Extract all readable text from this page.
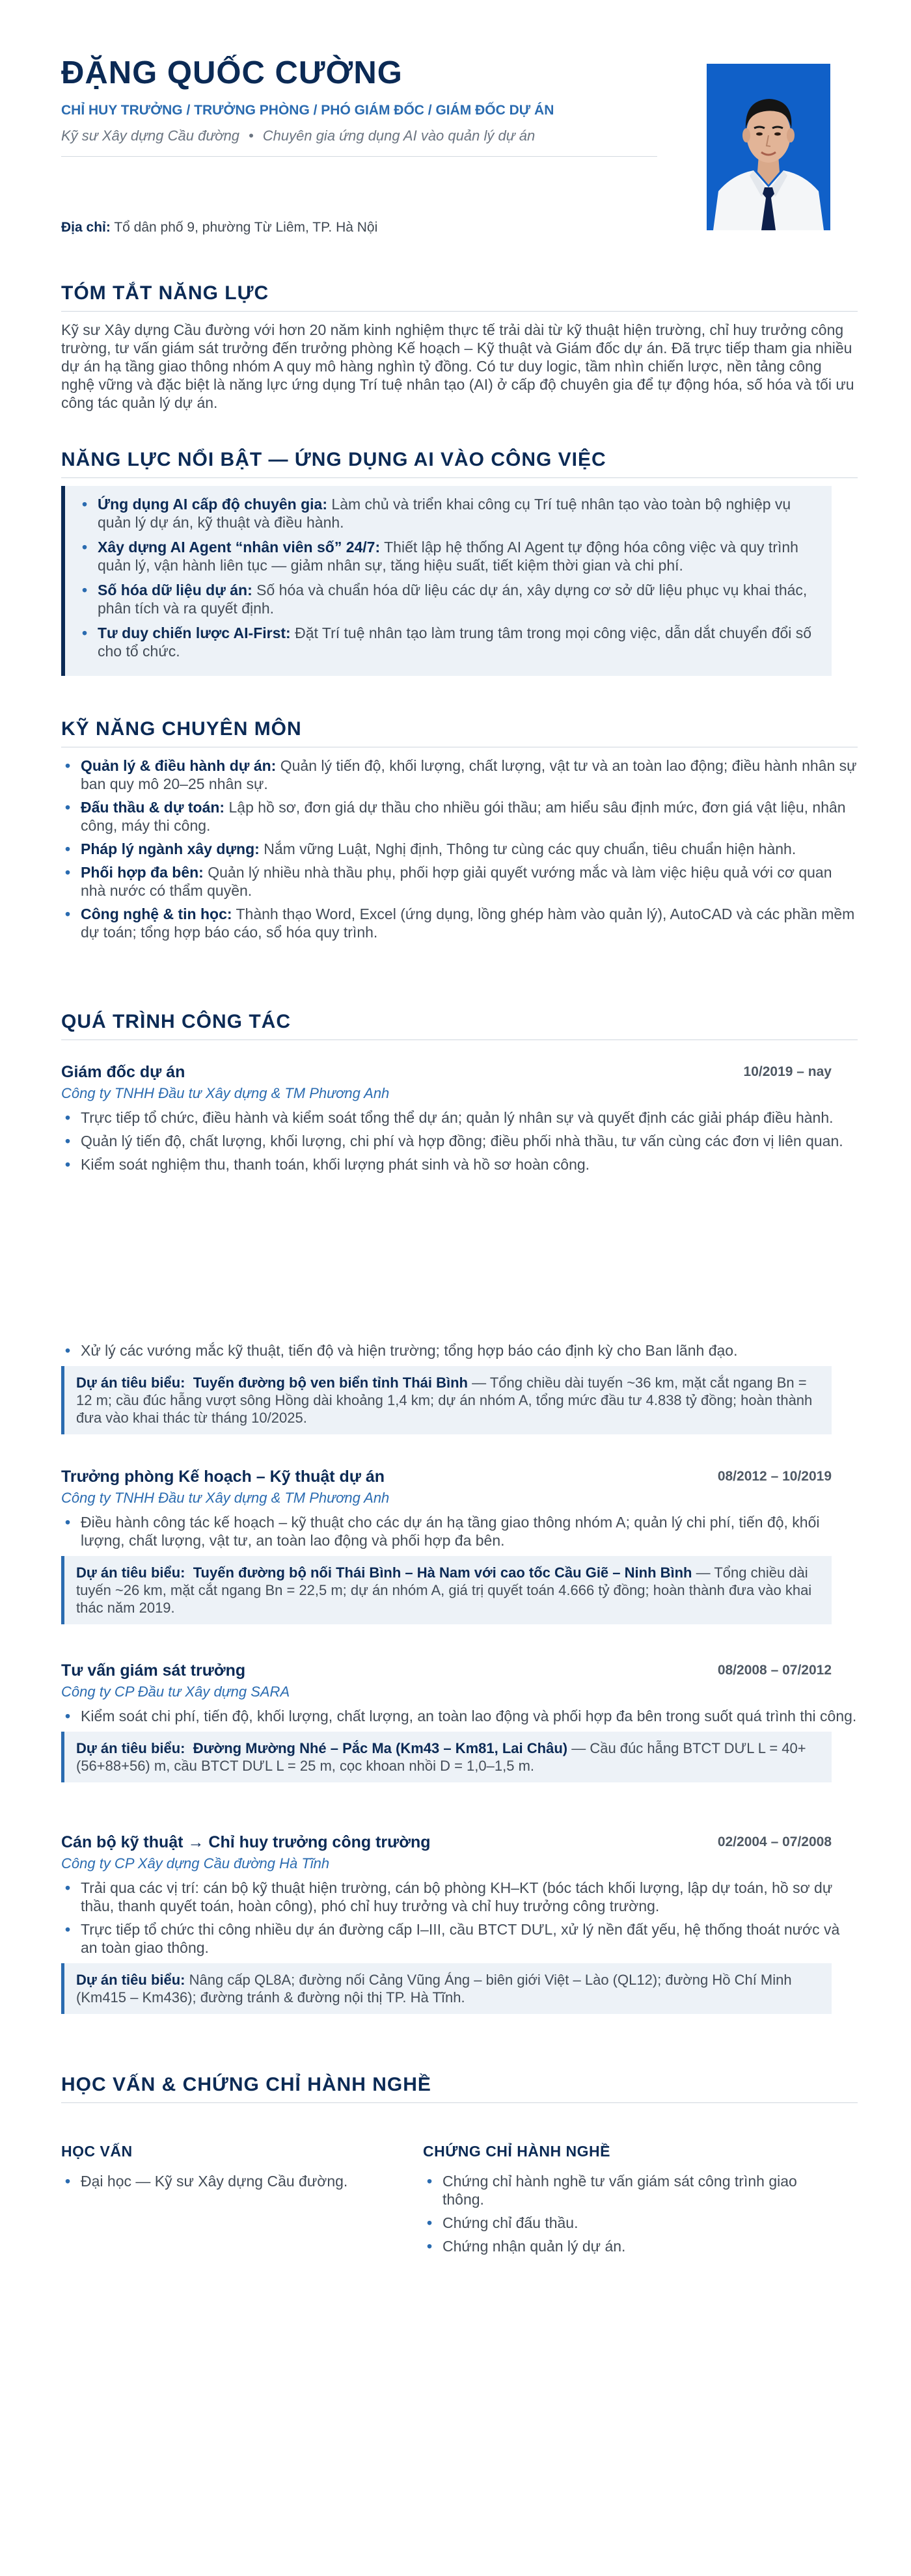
ĐẶNG QUỐC CƯỜNG
CHỈ HUY TRƯỞNG / TRƯỞNG PHÒNG / PHÓ GIÁM ĐỐC / GIÁM ĐỐC DỰ ÁN
Kỹ sư Xây dựng Cầu đường • Chuyên gia ứng dụng AI vào quản lý dự án
Địa chỉ: Tổ dân phố 9, phường Từ Liêm, TP. Hà Nội
TÓM TẮT NĂNG LỰC

Kỹ sư Xây dựng Cầu đường với hơn 20 năm kinh nghiệm thực tế trải dài từ kỹ thuật hiện trường, chỉ huy trưởng công trường, tư vấn giám sát trưởng đến trưởng phòng Kế hoạch – Kỹ thuật và Giám đốc dự án. Đã trực tiếp tham gia nhiều dự án hạ tầng giao thông nhóm A quy mô hàng nghìn tỷ đồng. Có tư duy logic, tầm nhìn chiến lược, nền tảng công nghệ vững và đặc biệt là năng lực ứng dụng Trí tuệ nhân tạo (AI) ở cấp độ chuyên gia để tự động hóa, số hóa và tối ưu công tác quản lý dự án.

NĂNG LỰC NỔI BẬT — ỨNG DỤNG AI VÀO CÔNG VIỆC
• Ứng dụng AI cấp độ chuyên gia: Làm chủ và triển khai công cụ Trí tuệ nhân tạo vào toàn bộ nghiệp vụ quản lý dự án, kỹ thuật và điều hành.
• Xây dựng AI Agent “nhân viên số” 24/7: Thiết lập hệ thống AI Agent tự động hóa công việc và quy trình quản lý, vận hành liên tục — giảm nhân sự, tăng hiệu suất, tiết kiệm thời gian và chi phí.
• Số hóa dữ liệu dự án: Số hóa và chuẩn hóa dữ liệu các dự án, xây dựng cơ sở dữ liệu phục vụ khai thác, phân tích và ra quyết định.
• Tư duy chiến lược AI-First: Đặt Trí tuệ nhân tạo làm trung tâm trong mọi công việc, dẫn dắt chuyển đổi số cho tổ chức.
KỸ NĂNG CHUYÊN MÔN
• Quản lý & điều hành dự án: Quản lý tiến độ, khối lượng, chất lượng, vật tư và an toàn lao động; điều hành nhân sự ban quy mô 20–25 nhân sự.
• Đấu thầu & dự toán: Lập hồ sơ, đơn giá dự thầu cho nhiều gói thầu; am hiểu sâu định mức, đơn giá vật liệu, nhân công, máy thi công.
• Pháp lý ngành xây dựng: Nắm vững Luật, Nghị định, Thông tư cùng các quy chuẩn, tiêu chuẩn hiện hành.
• Phối hợp đa bên: Quản lý nhiều nhà thầu phụ, phối hợp giải quyết vướng mắc và làm việc hiệu quả với cơ quan nhà nước có thẩm quyền.
• Công nghệ & tin học: Thành thạo Word, Excel (ứng dụng, lồng ghép hàm vào quản lý), AutoCAD và các phần mềm dự toán; tổng hợp báo cáo, sổ hóa quy trình.
QUÁ TRÌNH CÔNG TÁC
Giám đốc dự án	10/2019 – nay
Công ty TNHH Đầu tư Xây dựng & TM Phương Anh
• Trực tiếp tổ chức, điều hành và kiểm soát tổng thể dự án; quản lý nhân sự và quyết định các giải pháp điều hành.
• Quản lý tiến độ, chất lượng, khối lượng, chi phí và hợp đồng; điều phối nhà thầu, tư vấn cùng các đơn vị liên quan.
• Kiểm soát nghiệm thu, thanh toán, khối lượng phát sinh và hồ sơ hoàn công.
• Xử lý các vướng mắc kỹ thuật, tiến độ và hiện trường; tổng hợp báo cáo định kỳ cho Ban lãnh đạo.
Dự án tiêu biểu: Tuyến đường bộ ven biển tỉnh Thái Bình — Tổng chiều dài tuyến ~36 km, mặt cắt ngang Bn = 12 m; cầu đúc hẫng vượt sông Hồng dài khoảng 1,4 km; dự án nhóm A, tổng mức đầu tư 4.838 tỷ đồng; hoàn thành đưa vào khai thác từ tháng 10/2025.
Trưởng phòng Kế hoạch – Kỹ thuật dự án	08/2012 – 10/2019
Công ty TNHH Đầu tư Xây dựng & TM Phương Anh
• Điều hành công tác kế hoạch – kỹ thuật cho các dự án hạ tầng giao thông nhóm A; quản lý chi phí, tiến độ, khối lượng, chất lượng, vật tư, an toàn lao động và phối hợp đa bên.
Dự án tiêu biểu: Tuyến đường bộ nối Thái Bình – Hà Nam với cao tốc Cầu Giẽ – Ninh Bình — Tổng chiều dài tuyến ~26 km, mặt cắt ngang Bn = 22,5 m; dự án nhóm A, giá trị quyết toán 4.666 tỷ đồng; hoàn thành đưa vào khai thác năm 2019.
Tư vấn giám sát trưởng	08/2008 – 07/2012
Công ty CP Đầu tư Xây dựng SARA
• Kiểm soát chi phí, tiến độ, khối lượng, chất lượng, an toàn lao động và phối hợp đa bên trong suốt quá trình thi công.
Dự án tiêu biểu: Đường Mường Nhé – Pắc Ma (Km43 – Km81, Lai Châu) — Cầu đúc hẫng BTCT DƯL L = 40+(56+88+56) m, cầu BTCT DƯL L = 25 m, cọc khoan nhồi D = 1,0–1,5 m.
Cán bộ kỹ thuật → Chỉ huy trưởng công trường	02/2004 – 07/2008
Công ty CP Xây dựng Cầu đường Hà Tĩnh
• Trải qua các vị trí: cán bộ kỹ thuật hiện trường, cán bộ phòng KH–KT (bóc tách khối lượng, lập dự toán, hồ sơ dự thầu, thanh quyết toán, hoàn công), phó chỉ huy trưởng và chỉ huy trưởng công trường.
• Trực tiếp tổ chức thi công nhiều dự án đường cấp I–III, cầu BTCT DƯL, xử lý nền đất yếu, hệ thống thoát nước và an toàn giao thông.
Dự án tiêu biểu: Nâng cấp QL8A; đường nối Cảng Vũng Áng – biên giới Việt – Lào (QL12); đường Hồ Chí Minh (Km415 – Km436); đường tránh & đường nội thị TP. Hà Tĩnh.
HỌC VẤN & CHỨNG CHỈ HÀNH NGHỀ
HỌC VẤN
• Đại học — Kỹ sư Xây dựng Cầu đường.
CHỨNG CHỈ HÀNH NGHỀ
• Chứng chỉ hành nghề tư vấn giám sát công trình giao thông.
• Chứng chỉ đấu thầu.
• Chứng nhận quản lý dự án.
